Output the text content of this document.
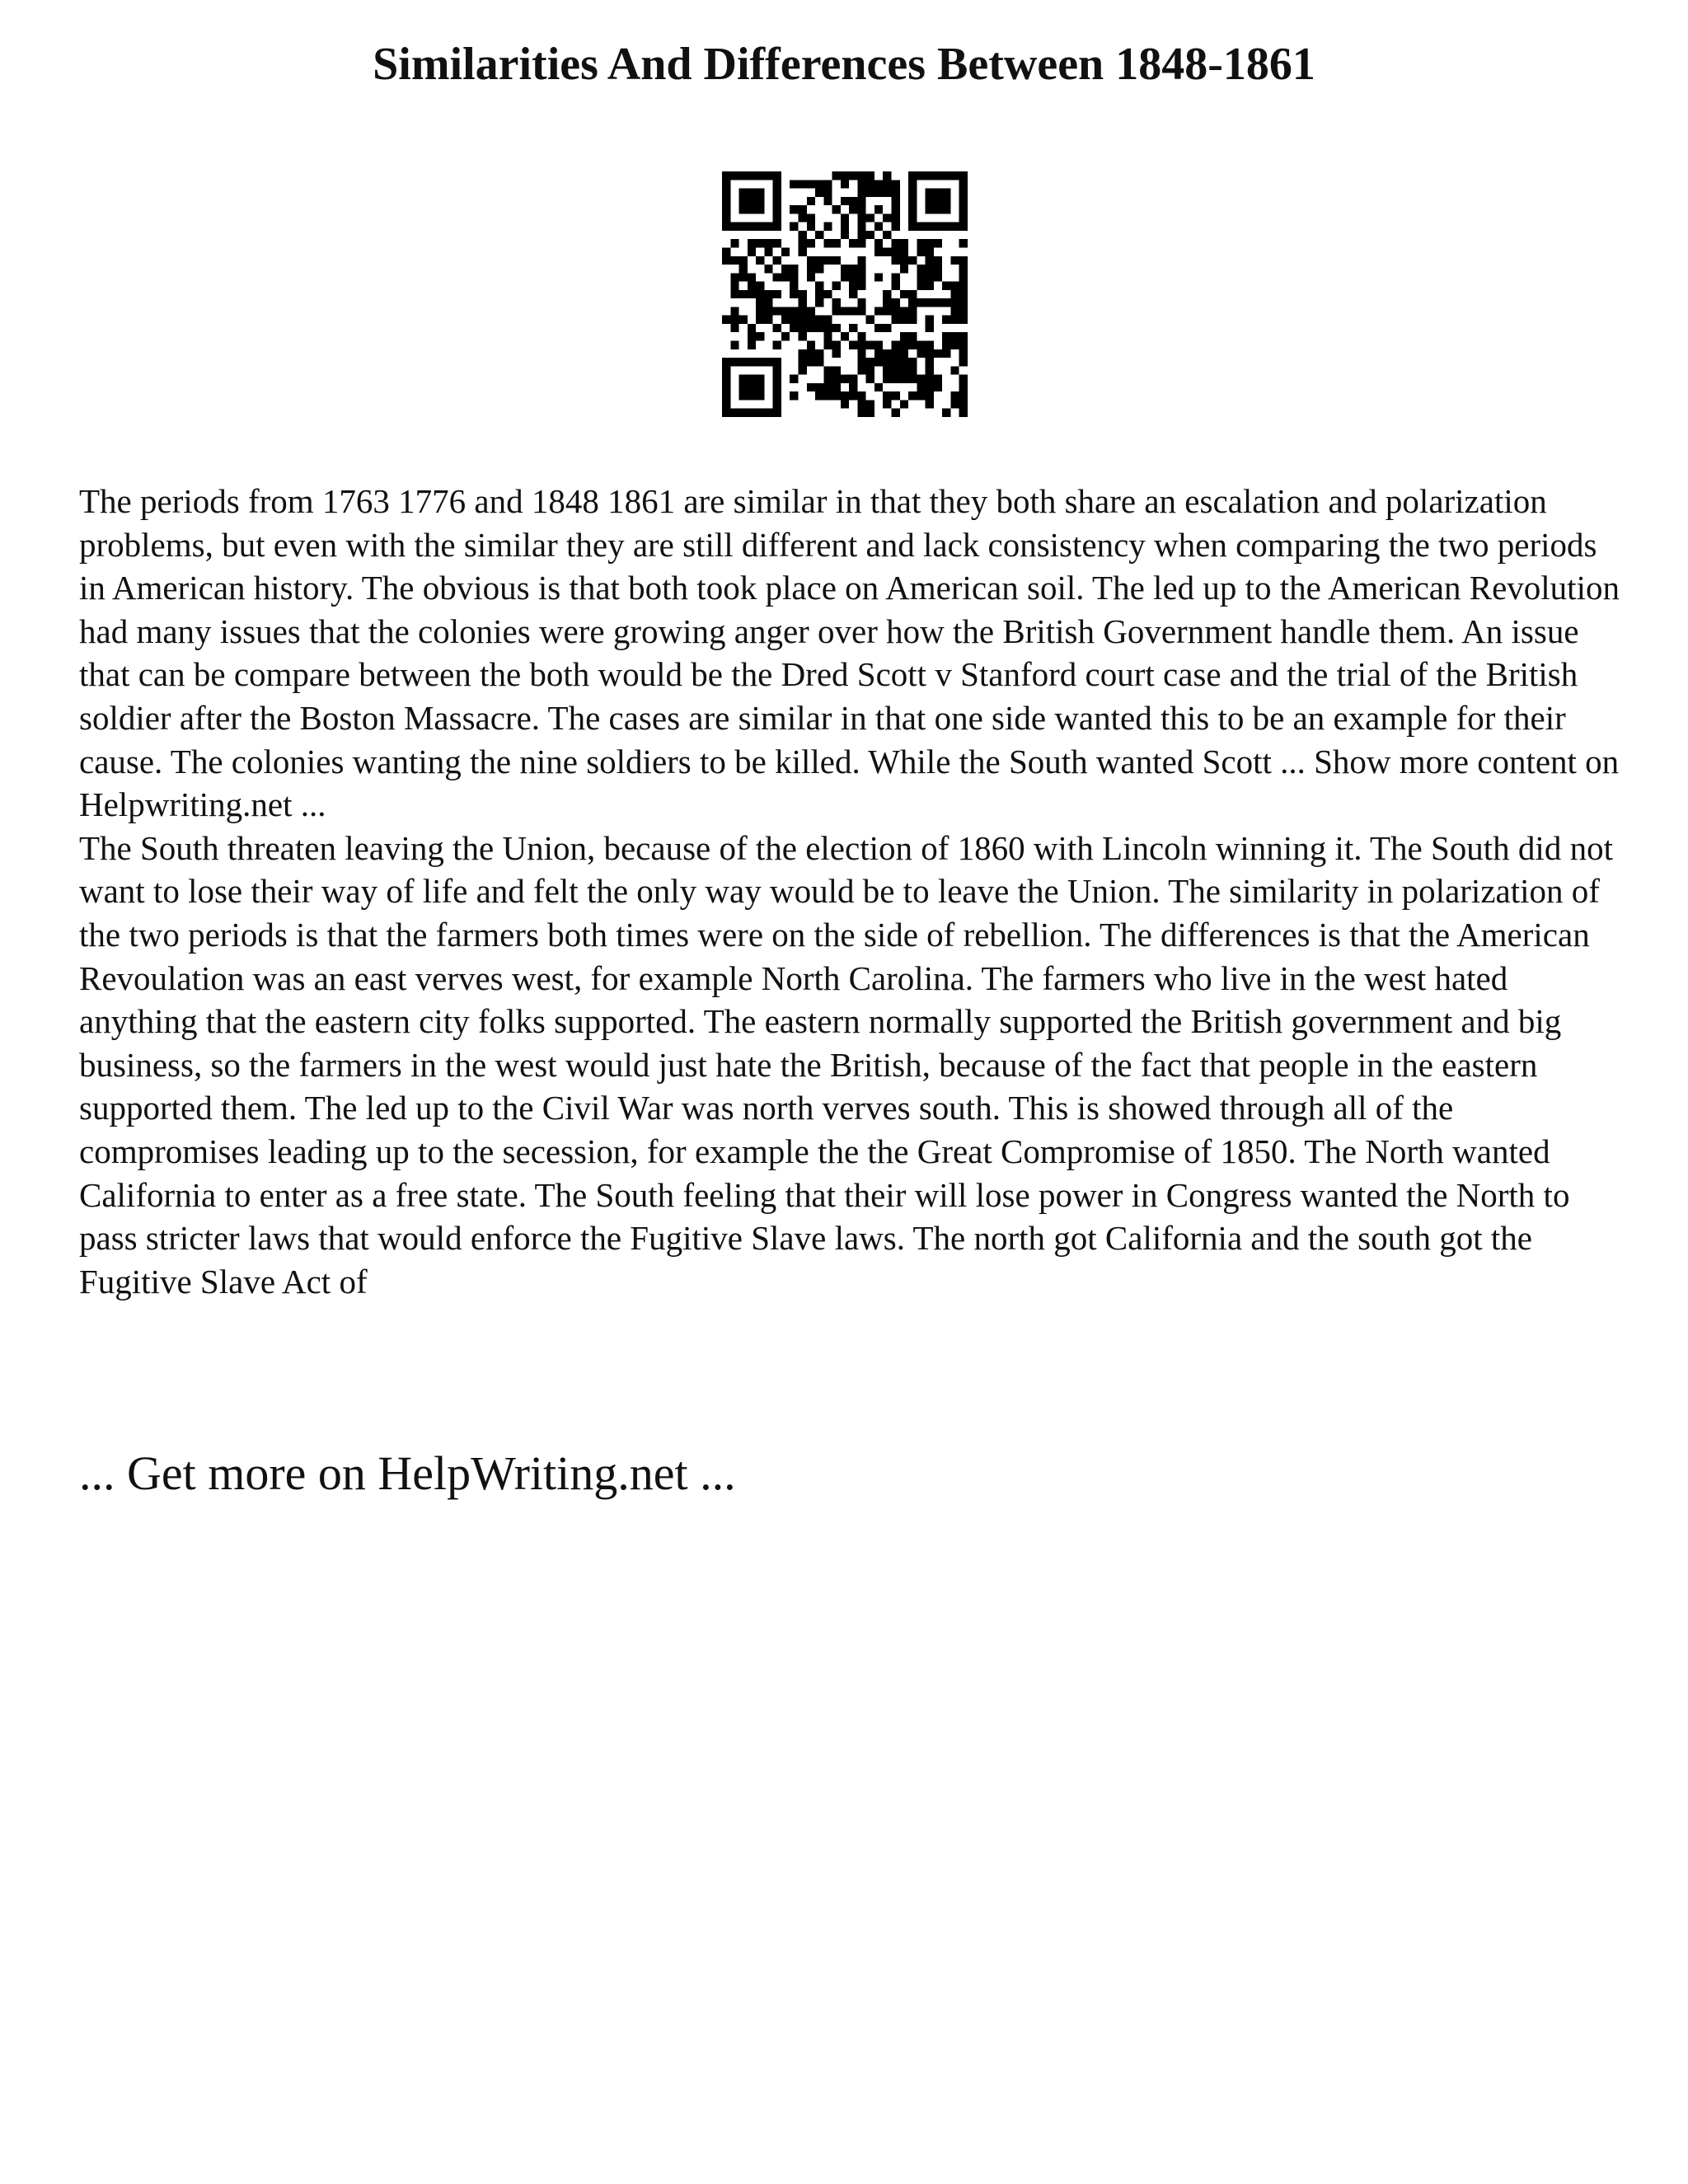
Similarities And Differences Between 1848-1861

The periods from 1763 1776 and 1848 1861 are similar in that they both share an escalation and polarization problems, but even with the similar they are still different and lack consistency when comparing the two periods in American history. The obvious is that both took place on American soil. The led up to the American Revolution had many issues that the colonies were growing anger over how the British Government handle them. An issue that can be compare between the both would be the Dred Scott v Stanford court case and the trial of the British soldier after the Boston Massacre. The cases are similar in that one side wanted this to be an example for their cause. The colonies wanting the nine soldiers to be killed. While the South wanted Scott ... Show more content on Helpwriting.net ...

The South threaten leaving the Union, because of the election of 1860 with Lincoln winning it. The South did not want to lose their way of life and felt the only way would be to leave the Union. The similarity in polarization of the two periods is that the farmers both times were on the side of rebellion. The differences is that the American Revoulation was an east verves west, for example North Carolina. The farmers who live in the west hated anything that the eastern city folks supported. The eastern normally supported the British government and big business, so the farmers in the west would just hate the British, because of the fact that people in the eastern supported them. The led up to the Civil War was north verves south. This is showed through all of the compromises leading up to the secession, for example the the Great Compromise of 1850. The North wanted California to enter as a free state. The South feeling that their will lose power in Congress wanted the North to pass stricter laws that would enforce the Fugitive Slave laws. The north got California and the south got the Fugitive Slave Act of

... Get more on HelpWriting.net ...
